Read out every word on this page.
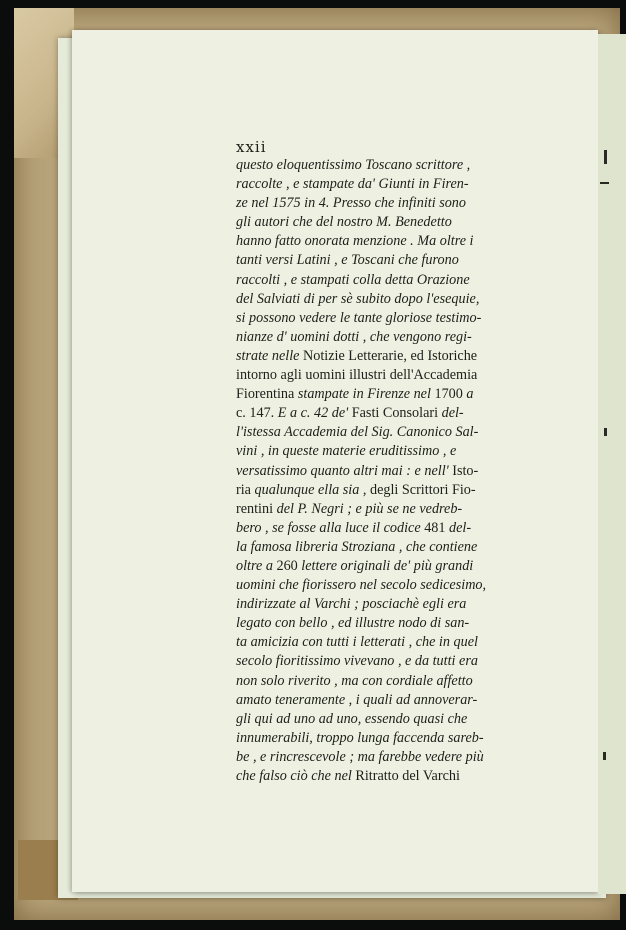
xxii
questo eloquentissimo Toscano scrittore ,
raccolte , e stampate da' Giunti in Firen-
ze nel 1575 in 4. Presso che infiniti sono
gli autori che del nostro M. Benedetto
hanno fatto onorata menzione . Ma oltre i
tanti versi Latini , e Toscani che furono
raccolti , e stampati colla detta Orazione
del Salviati di per sè subito dopo l'esequie,
si possono vedere le tante gloriose testimo-
nianze d' uomini dotti , che vengono regi-
strate nelle Notizie Letterarie, ed Istoriche
intorno agli uomini illustri dell'Accademia
Fiorentina stampate in Firenze nel 1700 a
c. 147. E a c. 42 de' Fasti Consolari del-
l'istessa Accademia del Sig. Canonico Sal-
vini , in queste materie eruditissimo , e
versatissimo quanto altri mai : e nell' Isto-
ria qualunque ella sia , degli Scrittori Fio-
rentini del P. Negri ; e più se ne vedreb-
bero , se fosse alla luce il codice 481 del-
la famosa libreria Stroziana , che contiene
oltre a 260 lettere originali de' più grandi
uomini che fiorissero nel secolo sedicesimo,
indirizzate al Varchi ; posciachè egli era
legato con bello , ed illustre nodo di san-
ta amicizia con tutti i letterati , che in quel
secolo fioritissimo vivevano , e da tutti era
non solo riverito , ma con cordiale affetto
amato teneramente , i quali ad annoverar-
gli qui ad uno ad uno, essendo quasi che
innumerabili, troppo lunga faccenda sareb-
be , e rincrescevole ; ma farebbe vedere più
che falso ciò che nel Ritratto del Varchi
